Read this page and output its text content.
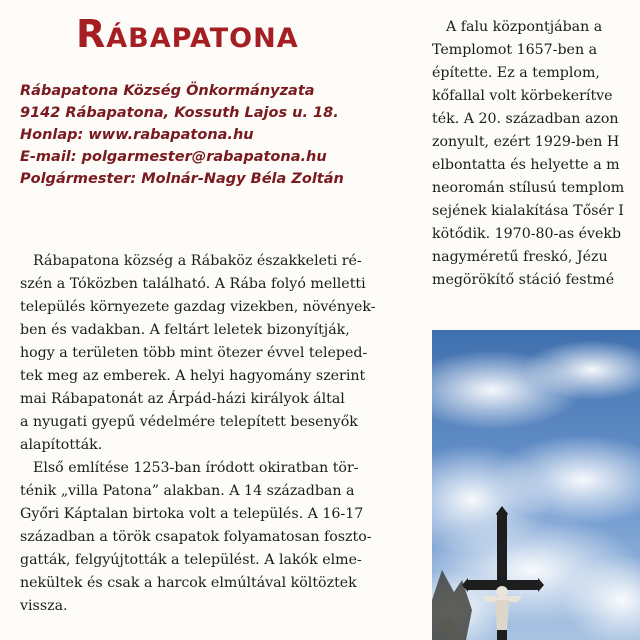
Rábapatona
Rábapatona Község Önkormányzata
9142 Rábapatona, Kossuth Lajos u. 18.
Honlap: www.rabapatona.hu
E-mail: polgarmester@rabapatona.hu
Polgármester: Molnár-Nagy Béla Zoltán
Rábapatona község a Rábaköz északkeleti ré-
szén a Tóközben található. A Rába folyó melletti
település környezete gazdag vizekben, növények-
ben és vadakban. A feltárt leletek bizonyítják,
hogy a területen több mint ötezer évvel teleped-
tek meg az emberek. A helyi hagyomány szerint
mai Rábapatonát az Árpád-házi királyok által
a nyugati gyepű védelmére telepített besenyők
alapították.
Első említése 1253-ban íródott okiratban tör-
ténik „villa Patona” alakban. A 14 században a
Győri Káptalan birtoka volt a település. A 16-17
században a török csapatok folyamatosan foszto-
gatták, felgyújtották a települést. A lakók elme-
nekültek és csak a harcok elmúltával költöztek
vissza.
A falu központjában a
Templomot 1657-ben a
építette. Ez a templom,
kőfallal volt körbekerítve
ték. A 20. században azon
zonyult, ezért 1929-ben H
elbontatta és helyette a m
neoromán stílusú templom
sejének kialakítása Tősér I
kötődik. 1970-80-as évekb
nagyméretű freskó, Jézu
megörökítő stáció festmé
